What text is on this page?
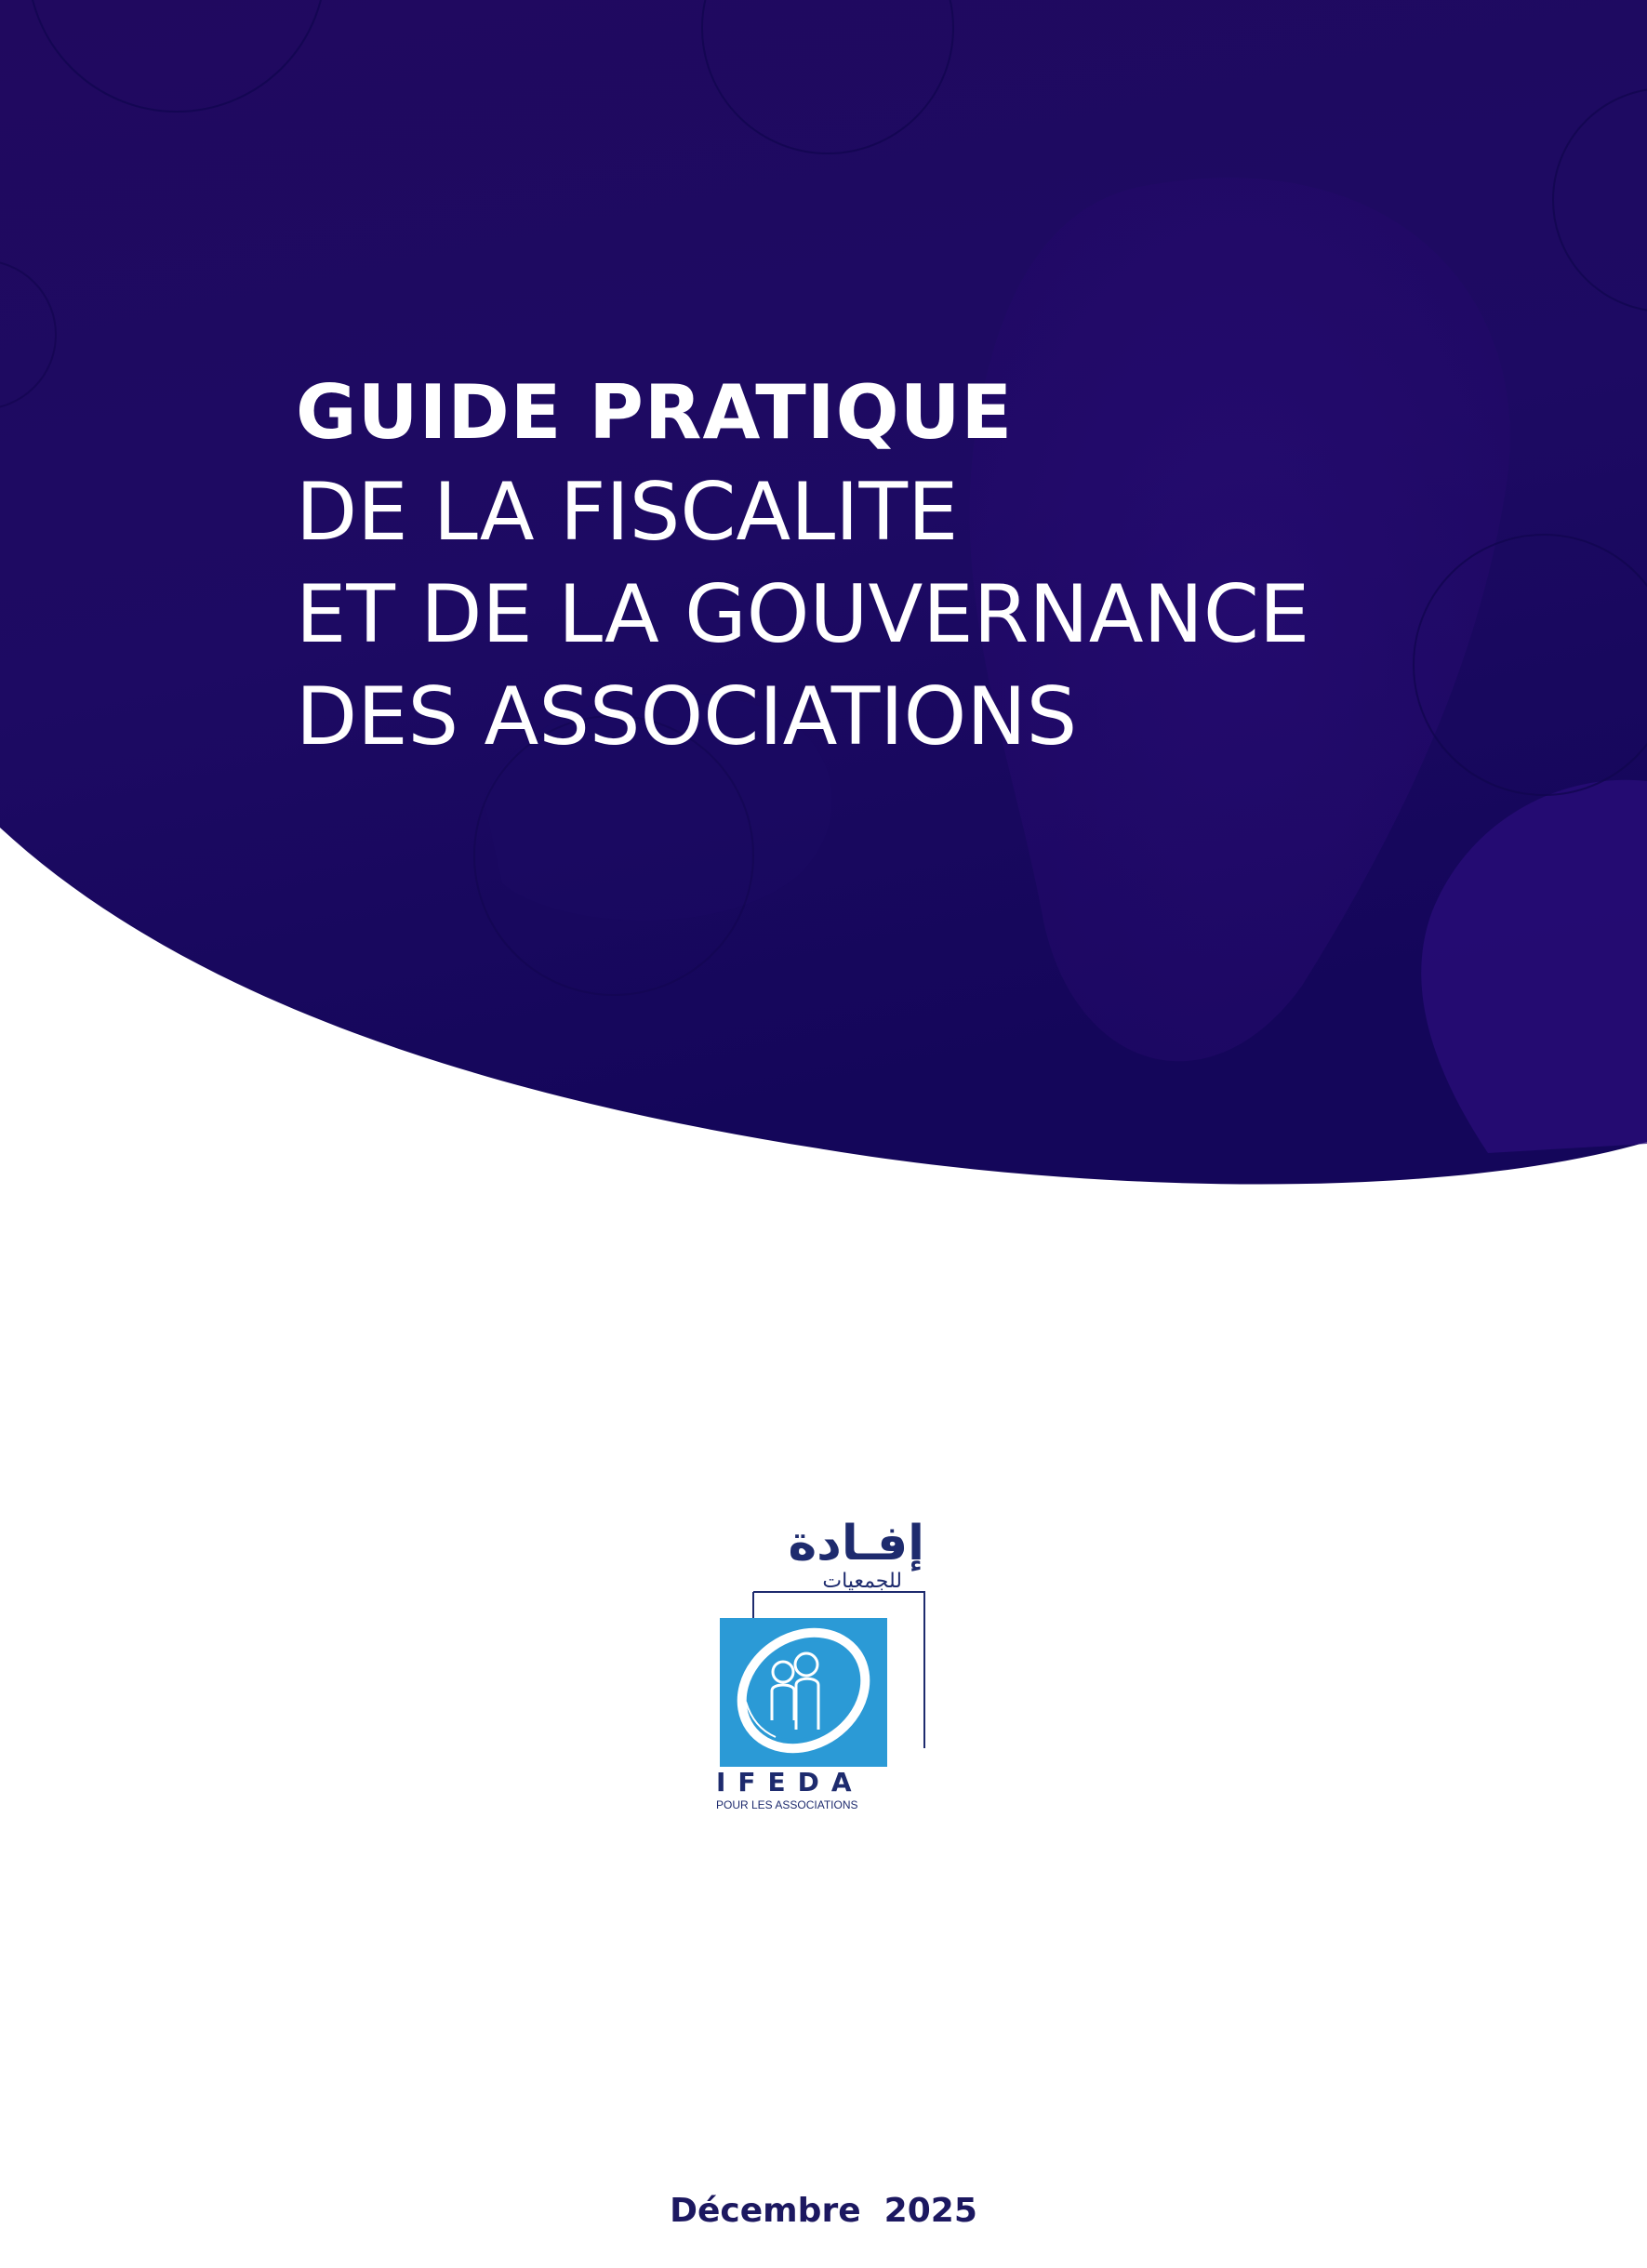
GUIDE PRATIQUE
DE LA FISCALITE
ET DE LA GOUVERNANCE
DES ASSOCIATIONS
إفـادة
للجمعيات
IFEDA
POUR LES ASSOCIATIONS
Décembre  2025
